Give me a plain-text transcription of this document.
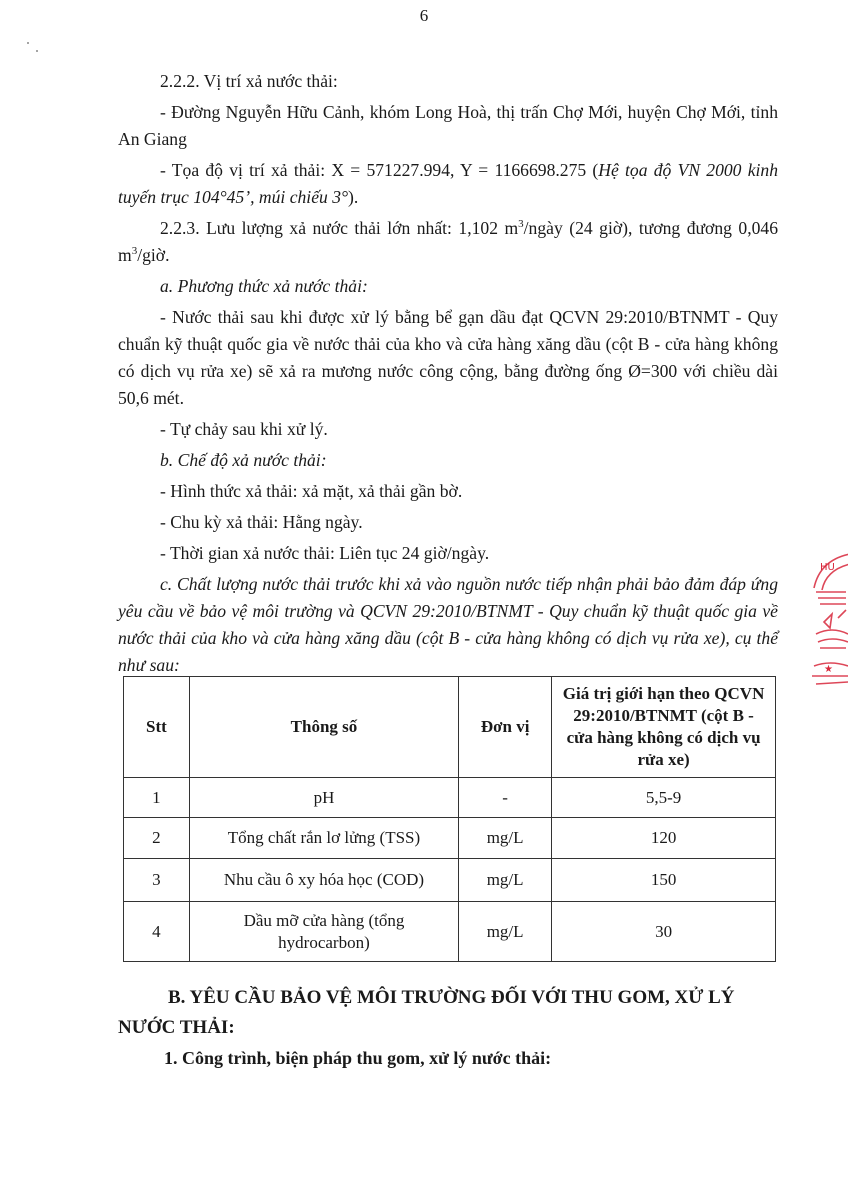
6

2.2.2. Vị trí xả nước thải:

- Đường Nguyễn Hữu Cảnh, khóm Long Hoà, thị trấn Chợ Mới, huyện Chợ Mới, tỉnh An Giang

- Tọa độ vị trí xả thải: X = 571227.994, Y = 1166698.275 (Hệ tọa độ VN 2000 kinh tuyến trục 104°45’, múi chiếu 3°).

2.2.3. Lưu lượng xả nước thải lớn nhất: 1,102 $m^3$/ngày (24 giờ), tương đương 0,046 $m^3$/giờ.

a. Phương thức xả nước thải:

- Nước thải sau khi được xử lý bằng bể gạn dầu đạt QCVN 29:2010/BTNMT - Quy chuẩn kỹ thuật quốc gia về nước thải của kho và cửa hàng xăng dầu (cột B - cửa hàng không có dịch vụ rửa xe) sẽ xả ra mương nước công cộng, bằng đường ống Ø=300 với chiều dài 50,6 mét.

- Tự chảy sau khi xử lý.

b. Chế độ xả nước thải:

- Hình thức xả thải: xả mặt, xả thải gần bờ.

- Chu kỳ xả thải: Hằng ngày.

- Thời gian xả nước thải: Liên tục 24 giờ/ngày.

c. Chất lượng nước thải trước khi xả vào nguồn nước tiếp nhận phải bảo đảm đáp ứng yêu cầu về bảo vệ môi trường và QCVN 29:2010/BTNMT - Quy chuẩn kỹ thuật quốc gia về nước thải của kho và cửa hàng xăng dầu (cột B - cửa hàng không có dịch vụ rửa xe), cụ thể như sau:

Stt	Thông số	Đơn vị	Giá trị giới hạn theo QCVN 29:2010/BTNMT (cột B - cửa hàng không có dịch vụ rửa xe)
1	pH	-	5,5-9
2	Tổng chất rắn lơ lửng (TSS)	mg/L	120
3	Nhu cầu ô xy hóa học (COD)	mg/L	150
4	Dầu mỡ cửa hàng (tổng hydrocarbon)	mg/L	30
B. YÊU CẦU BẢO VỆ MÔI TRƯỜNG ĐỐI VỚI THU GOM, XỬ LÝ NƯỚC THẢI:
1. Công trình, biện pháp thu gom, xử lý nước thải:
HU
★
